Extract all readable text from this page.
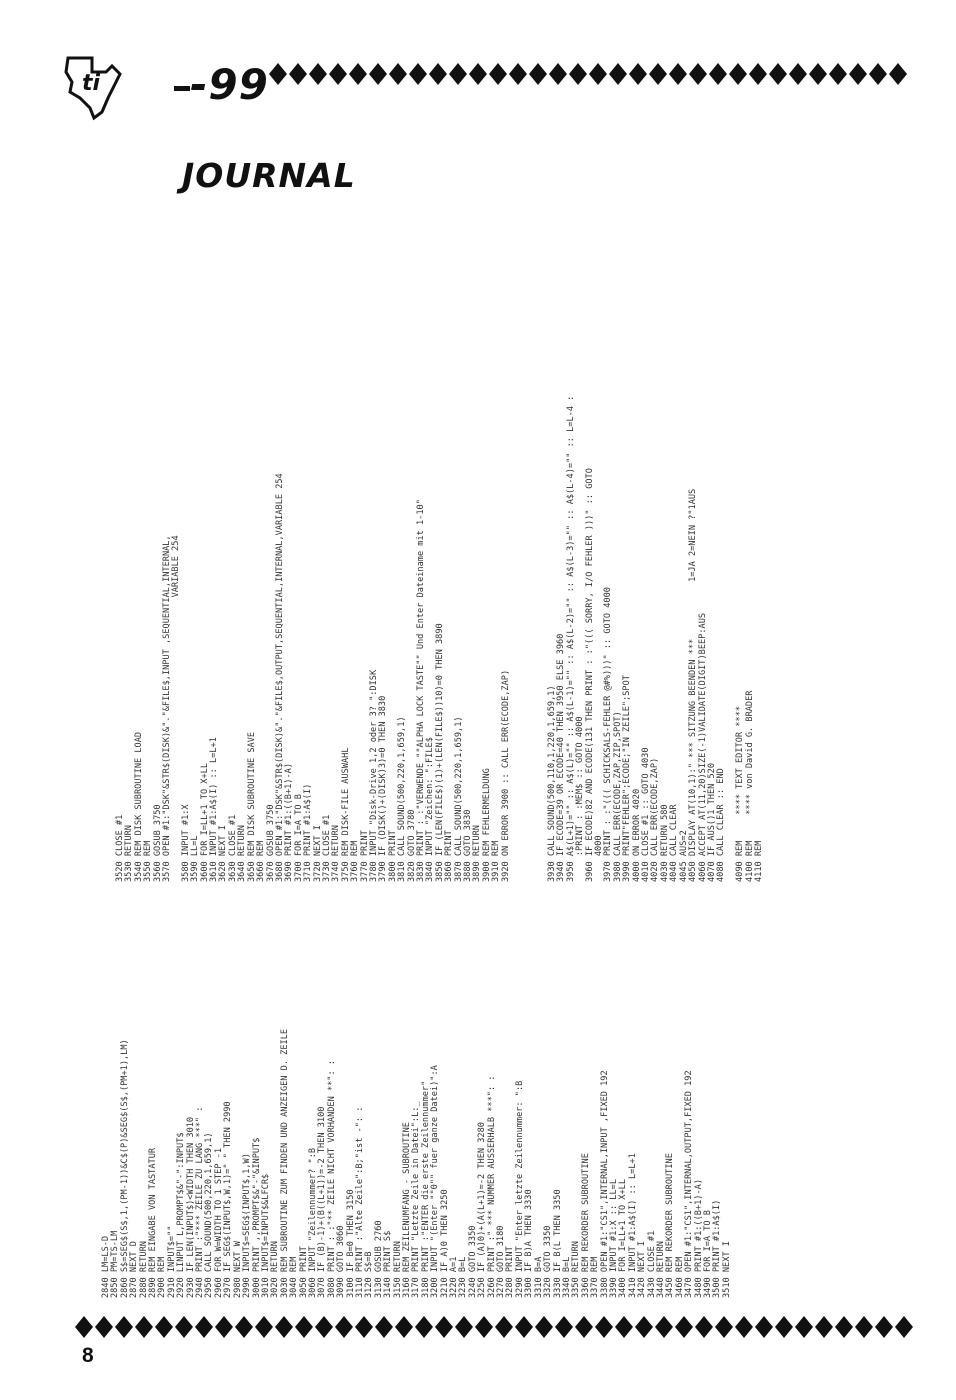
ti -99
JOURNAL
8
2840 LM=LS-D 2850 PM=TS-LM 2860 S$=SEG$(S$,1,(PM-1))&C$(P)&SEG$(S$,(PM+1),LM) 2870 NEXT D 2880 RETURN 2890 REM EINGABE VON TASTATUR 2900 REM 2910 INPUT$="" 2920 LINPUT L,PROMPT$&"-":INPUT$ 2930 IF LEN(INPUT$)<WIDTH THEN 3010 2940 PRINT :"*** ZEILE ZU LANG ***" : 2950 CALL SOUND(500,220,1,659,1) 2960 FOR W=WIDTH TO 1 STEP -1 2970 IF SEG$(INPUT$,W,1)=" " THEN 2990 2980 NEXT W 2990 INPUT$=SEG$(INPUT$,1,W) 3000 PRINT ,,PROMPT$&"-"&INPUT$ 3010 INPUT$=INPUT$&LFCR$ 3020 RETURN 3030 REM SUBROUTINE ZUM FINDEN UND ANZEIGEN D. ZEILE 3040 REM 3050 PRINT 3060 INPUT "Zeilennummer? ":B 3070 IF (B)-1)+(B((L+1))=-2 THEN 3100 3080 PRINT : :"** ZEILE NICHT VORHANDEN **": : 3090 GOTO 3060 3100 IF B=0 THEN 3150 3110 PRINT :"Alte Zeile":B;"ist -": : 3120 S$=B 3130 GOSUB 2760 3140 PRINT S$ 3150 RETURN 3160 REM ZEILENUMFANG - SUBROUTINE 3170 PRINT "Letzte Zeile in Datei":L:_ 3180 PRINT :"ENTER die erste Zeilennummer" 3200 INPUT "(Enter ""0"" fuer ganze Datei)":A 3210 IF A)0 THEN 3250 3220 A=1 3230 B=L 3240 GOTO 3350 3250 IF (A)0)+(A(L+1)=-2 THEN 3280 3260 PRINT :" *** NUMMER AUSSERHALB ***": : 3270 GOTO 3180 3280 PRINT 3290 INPUT "Enter letzte Zeilennummer: ":B 3300 IF B)A THEN 3330 3310 B=A 3320 GOTO 3350 3330 IF B(L THEN 3350 3340 B=L 3350 RETURN 3360 REM REKORDER SUBROUTINE 3370 REM 3380 OPEN #1:"CS1",INTERNAL,INPUT ,FIXED 192 3390 INPUT #1:X :: LL=L 3400 FOR I=LL+1 TO X+LL 3410 INPUT #1:A$(I) :: L=L+1 3420 NEXT I 3430 CLOSE #1 3440 RETURN 3450 REM REKORDER SUBROUTINE 3460 REM 3470 OPEN #1:"CS1",INTERNAL,OUTPUT,FIXED 192 3480 PRINT #1:((B+1)-A) 3490 FOR I=A TO B 3500 PRINT #1:A$(I) 3510 NEXT I
3520 CLOSE #1 3530 RETURN 3540 REM DISK SUBROUTINE LOAD 3550 REM 3560 GOSUB 3750 3570 OPEN #1:"DSK"&STR$(DISK)&"."&FILE$,INPUT ,SEQUENTIAL,INTERNAL, VARIABLE 254 3580 INPUT #1:X 3590 LL=L 3600 FOR I=LL+1 TO X+LL 3610 INPUT #1:A$(I) :: L=L+1 3620 NEXT I 3630 CLOSE #1 3640 RETURN 3650 REM DISK SUBROUTINE SAVE 3660 REM 3670 GOSUB 3750 3680 OPEN #1:"DSK"&STR$(DISK)&"."&FILE$,OUTPUT,SEQUENTIAL,INTERNAL,VARIABLE 254 3690 PRINT #1:((B+1)-A) 3700 FOR I=A TO B 3710 PRINT #1:A$(I) 3720 NEXT I 3730 CLOSE #1 3740 RETURN 3750 REM DISK-FILE AUSWAHL 3760 REM 3770 PRINT 3780 INPUT "Disk-Drive 1,2 oder 3? ":DISK 3790 IF (DISK()+(DISK)3)=0 THEN 3830 3800 PRINT 3810 CALL SOUND(500,220,1,659,1) 3820 GOTO 3780 3830 PRINT : :"VERWENDE ""ALPHA LOCK TASTE"" Und Enter Dateiname mit 1-10" 3840 INPUT "Zeichen: ":FILE$ 3850 IF (LEN(FILE$)(1)+(LEN(FILE$))10)=0 THEN 3890 3860 PRINT 3870 CALL SOUND(500,220,1,659,1) 3880 GOTO 3830 3890 RETURN 3900 REM FEHLERMELDUNG 3910 REM 3920 ON ERROR 3900 :: CALL ERR(ECODE,ZAP)	3930 CALL SOUND(500,110,1,220,1,659,1) 3940 IF ECODE=39 OR ECODE=40 THEN 3950 ELSE 3960 3950 A$(L+1)="" :: A$(L)="" :: A$(L-1)="" :: A$(L-2)="" :: A$(L-3)="" :: A$(L-4)="" :: L=L-4 : :PRINT : :MEM$ :: GOTO 4000 3960 IF ECODE)82 AND ECODE(131 THEN PRINT : :"((( SORRY, I/O FEHLER )))" :: GOTO 4000 3970 PRINT : :"((( SCHICKSALS-FEHLER @#%)))" :: GOTO 4000 3980 CALL ERR(ECODE,ZAP,ZIP,SPOT) 3990 PRINT"FEHLER";ECODE;"IN ZEILE";SPOT 4000 ON ERROR 4020 4010 CLOSE #1 :: GOTO 4030 4020 CALL ERR(ECODE,ZAP) 4030 RETURN 580 4040 CALL CLEAR 4045 AUS=2 4050 DISPLAY AT(10,1):" *** SITZUNG BEENDEN ***           1=JA 2=NEIN ?"1AUS 4060 ACCEPT AT(11,20)SIZE(-1)VALIDATE(DIGIT)BEEP:AUS 4070 IF AUS()1 THEN 520 4080 CALL CLEAR :: END
4090 REM     **** TEXT EDITOR **** 4100 REM     **** von David G. BRADER 4110 REM
